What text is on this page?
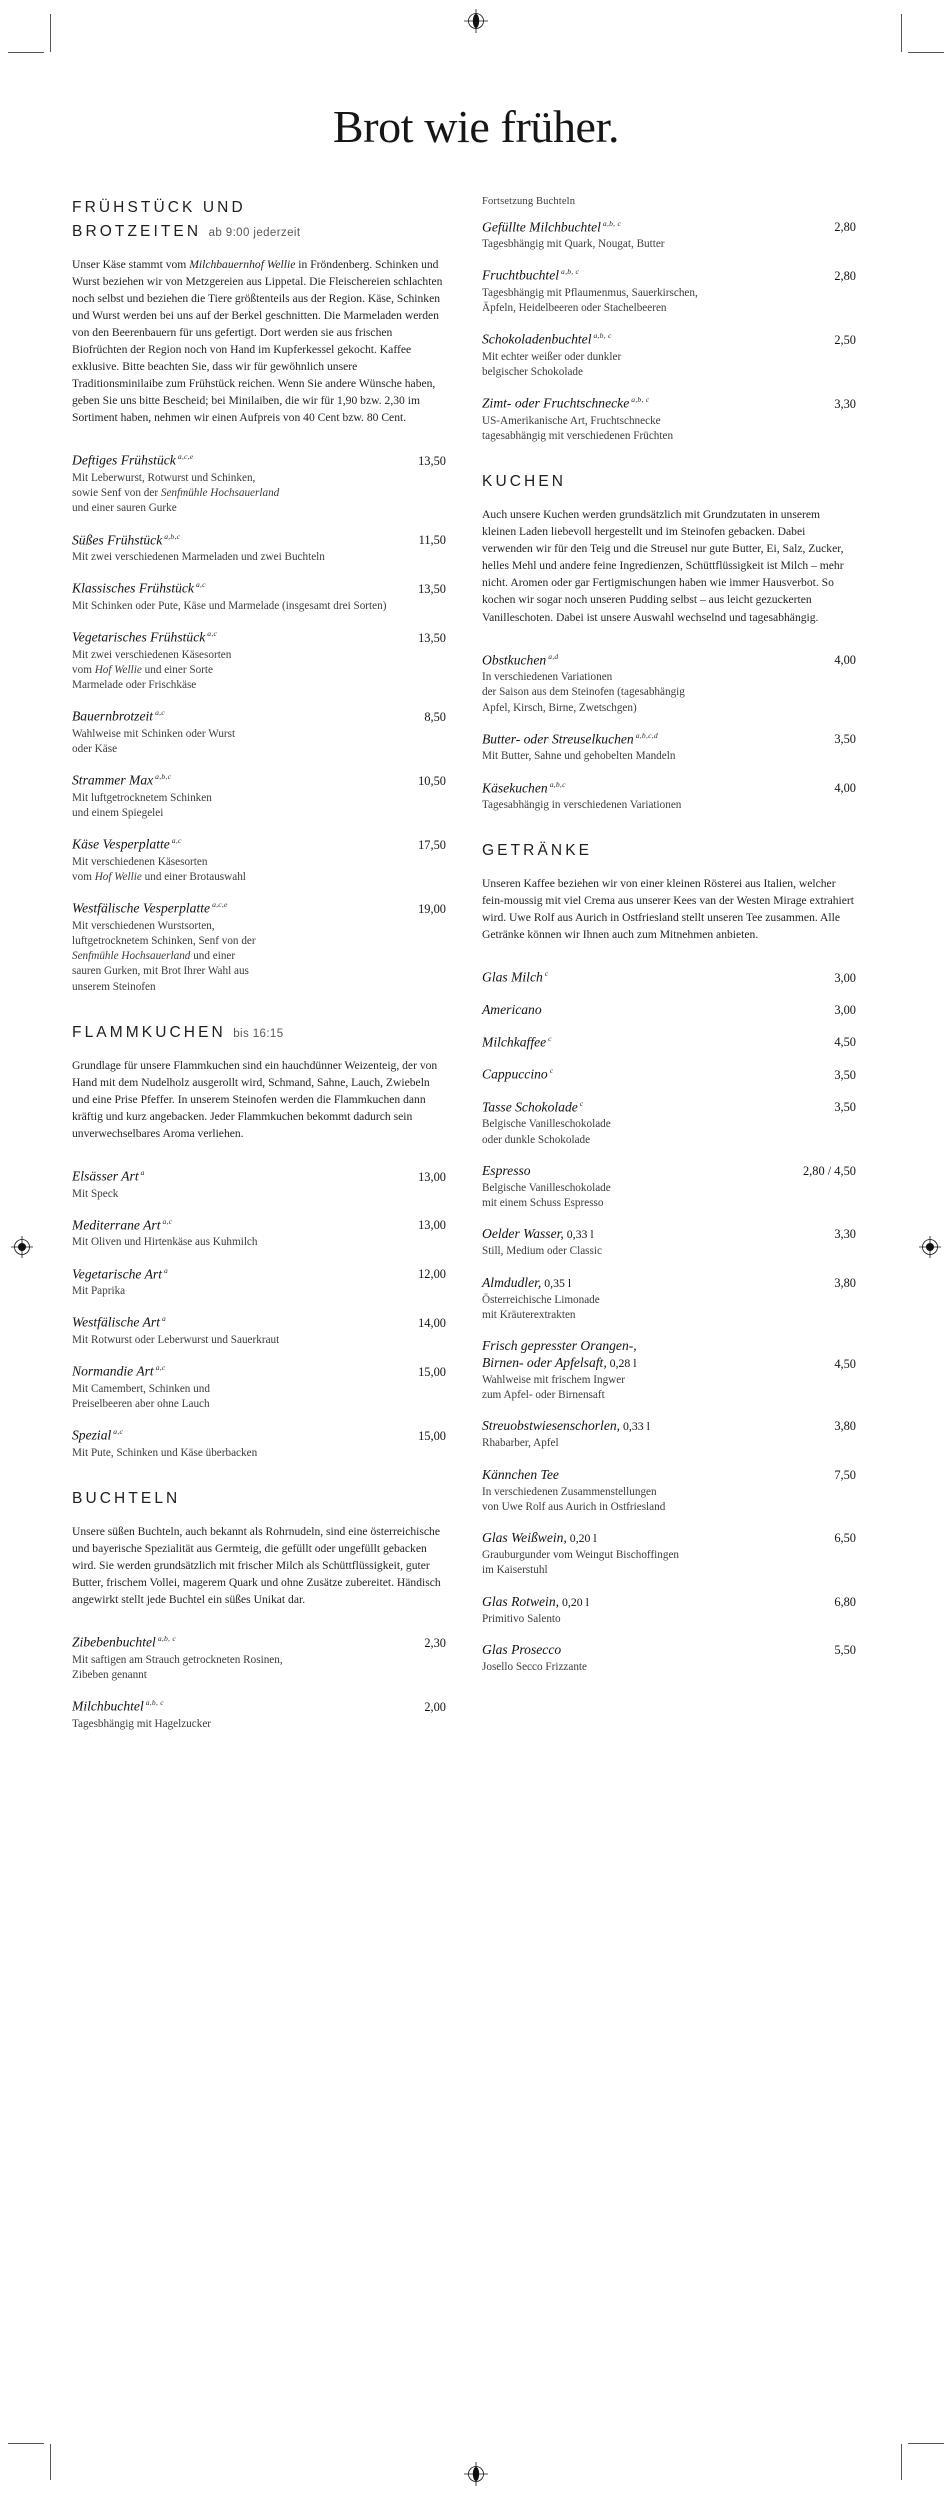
Brot wie früher.
FRÜHSTÜCK UND
BROTZEITEN ab 9:00 jederzeit

Unser Käse stammt vom Milchbauernhof Wellie in Fröndenberg. Schinken und Wurst beziehen wir von Metzgereien aus Lippetal. Die Fleischereien schlachten noch selbst und beziehen die Tiere größtenteils aus der Region. Käse, Schinken und Wurst werden bei uns auf der Berkel geschnitten. Die Marmeladen werden von den Beerenbauern für uns gefertigt. Dort werden sie aus frischen Biofrüchten der Region noch von Hand im Kupferkessel gekocht. Kaffee exklusive. Bitte beachten Sie, dass wir für gewöhnlich unsere Traditionsminilaibe zum Frühstück reichen. Wenn Sie andere Wünsche haben, geben Sie uns bitte Bescheid; bei Minilaiben, die wir für 1,90 bzw. 2,30 im Sortiment haben, nehmen wir einen Aufpreis von 40 Cent bzw. 80 Cent.

Deftiges Frühstück $^{a,c,e}$	13,50
Mit Leberwurst, Rotwurst und Schinken,
sowie Senf von der Senfmühle Hochsauerland
und einer sauren Gurke
Süßes Frühstück $^{a,b,c}$	11,50
Mit zwei verschiedenen Marmeladen und zwei Buchteln
Klassisches Frühstück $^{a,c}$	13,50
Mit Schinken oder Pute, Käse und Marmelade (insgesamt drei Sorten)
Vegetarisches Frühstück $^{a,c}$	13,50
Mit zwei verschiedenen Käsesorten
vom Hof Wellie und einer Sorte
Marmelade oder Frischkäse
Bauernbrotzeit $^{a,c}$	8,50
Wahlweise mit Schinken oder Wurst
oder Käse
Strammer Max $^{a,b,c}$	10,50
Mit luftgetrocknetem Schinken
und einem Spiegelei
Käse Vesperplatte $^{a,c}$	17,50
Mit verschiedenen Käsesorten
vom Hof Wellie und einer Brotauswahl
Westfälische Vesperplatte $^{a,c,e}$	19,00
Mit verschiedenen Wurstsorten,
luftgetrocknetem Schinken, Senf von der
Senfmühle Hochsauerland und einer
sauren Gurken, mit Brot Ihrer Wahl aus
unserem Steinofen
FLAMMKUCHEN bis 16:15

Grundlage für unsere Flammkuchen sind ein hauchdünner Weizenteig, der von Hand mit dem Nudelholz ausgerollt wird, Schmand, Sahne, Lauch, Zwiebeln und eine Prise Pfeffer. In unserem Steinofen werden die Flammkuchen dann kräftig und kurz angebacken. Jeder Flammkuchen bekommt dadurch sein unverwechselbares Aroma verliehen.

Elsässer Art $^a$	13,00
Mit Speck
Mediterrane Art $^{a,c}$	13,00
Mit Oliven und Hirtenkäse aus Kuhmilch
Vegetarische Art $^a$	12,00
Mit Paprika
Westfälische Art $^a$	14,00
Mit Rotwurst oder Leberwurst und Sauerkraut
Normandie Art $^{a,c}$	15,00
Mit Camembert, Schinken und
Preiselbeeren aber ohne Lauch
Spezial $^{a,c}$	15,00
Mit Pute, Schinken und Käse überbacken
BUCHTELN

Unsere süßen Buchteln, auch bekannt als Rohrnudeln, sind eine österreichische und bayerische Spezialität aus Germteig, die gefüllt oder ungefüllt gebacken wird. Sie werden grundsätzlich mit frischer Milch als Schüttflüssigkeit, guter Butter, frischem Vollei, magerem Quark und ohne Zusätze zubereitet. Händisch angewirkt stellt jede Buchtel ein süßes Unikat dar.

Zibebenbuchtel $^{a,b, c}$	2,30
Mit saftigen am Strauch getrockneten Rosinen,
Zibeben genannt
Milchbuchtel $^{a,b, c}$	2,00
Tagesbhängig mit Hagelzucker
Fortsetzung Buchteln
Gefüllte Milchbuchtel $^{a,b, c}$	2,80
Tagesbhängig mit Quark, Nougat, Butter
Fruchtbuchtel $^{a,b, c}$	2,80
Tagesbhängig mit Pflaumenmus, Sauerkirschen,
Äpfeln, Heidelbeeren oder Stachelbeeren
Schokoladenbuchtel $^{a,b, c}$	2,50
Mit echter weißer oder dunkler
belgischer Schokolade
Zimt- oder Fruchtschnecke $^{a,b, c}$	3,30
US-Amerikanische Art, Fruchtschnecke
tagesabhängig mit verschiedenen Früchten
KUCHEN

Auch unsere Kuchen werden grundsätzlich mit Grundzutaten in unserem kleinen Laden liebevoll hergestellt und im Steinofen gebacken. Dabei verwenden wir für den Teig und die Streusel nur gute Butter, Ei, Salz, Zucker, helles Mehl und andere feine Ingredienzen, Schüttflüssigkeit ist Milch – mehr nicht. Aromen oder gar Fertigmischungen haben wie immer Hausverbot. So kochen wir sogar noch unseren Pudding selbst – aus leicht gezuckerten Vanilleschoten. Dabei ist unsere Auswahl wechselnd und tagesabhängig.

Obstkuchen $^{a,d}$	4,00
In verschiedenen Variationen
der Saison aus dem Steinofen (tagesabhängig
Apfel, Kirsch, Birne, Zwetschgen)
Butter- oder Streuselkuchen $^{a,b,c,d}$	3,50
Mit Butter, Sahne und gehobelten Mandeln
Käsekuchen $^{a,b,c}$	4,00
Tagesabhängig in verschiedenen Variationen
GETRÄNKE

Unseren Kaffee beziehen wir von einer kleinen Rösterei aus Italien, welcher fein-moussig mit viel Crema aus unserer Kees van der Westen Mirage extrahiert wird. Uwe Rolf aus Aurich in Ostfriesland stellt unseren Tee zusammen. Alle Getränke können wir Ihnen auch zum Mitnehmen anbieten.

Glas Milch $^c$	3,00
Americano	3,00
Milchkaffee $^c$	4,50
Cappuccino $^c$	3,50
Tasse Schokolade $^c$	3,50
Belgische Vanilleschokolade
oder dunkle Schokolade
Espresso	2,80 / 4,50
Belgische Vanilleschokolade
mit einem Schuss Espresso
Oelder Wasser, 0,33 l	3,30
Still, Medium oder Classic
Almdudler, 0,35 l	3,80
Österreichische Limonade
mit Kräuterextrakten
Frisch gepresster Orangen-,
Birnen- oder Apfelsaft, 0,28 l	4,50
Wahlweise mit frischem Ingwer
zum Apfel- oder Birnensaft
Streuobstwiesenschorlen, 0,33 l	3,80
Rhabarber, Apfel
Kännchen Tee	7,50
In verschiedenen Zusammenstellungen
von Uwe Rolf aus Aurich in Ostfriesland
Glas Weißwein, 0,20 l	6,50
Grauburgunder vom Weingut Bischoffingen
im Kaiserstuhl
Glas Rotwein, 0,20 l	6,80
Primitivo Salento
Glas Prosecco	5,50
Josello Secco Frizzante
